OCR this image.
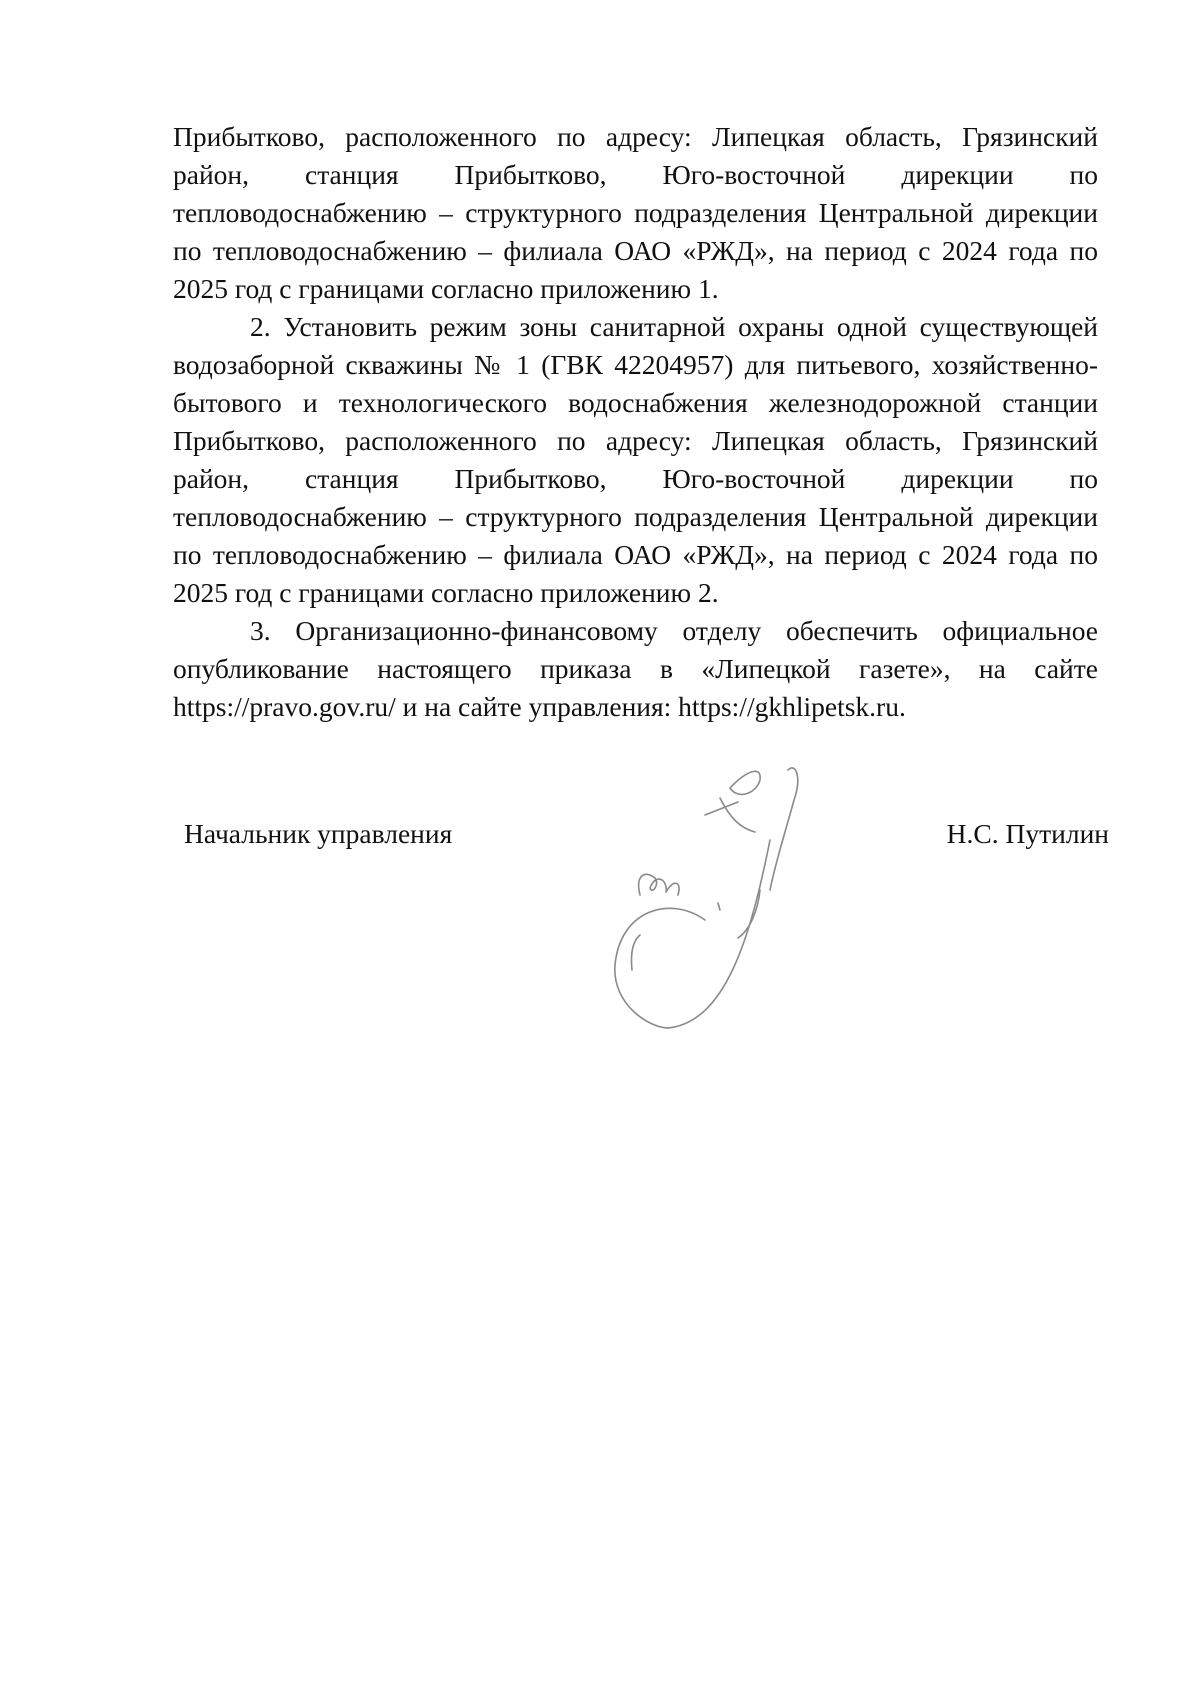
Прибытково, расположенного по адресу: Липецкая область, Грязинский район, станция Прибытково, Юго-восточной дирекции по тепловодоснабжению – структурного подразделения Центральной дирекции по тепловодоснабжению – филиала ОАО «РЖД», на период с 2024 года по 2025 год с границами согласно приложению 1.

2. Установить режим зоны санитарной охраны одной существующей водозаборной скважины № 1 (ГВК 42204957) для питьевого, хозяйственно-бытового и технологического водоснабжения железнодорожной станции Прибытково, расположенного по адресу: Липецкая область, Грязинский район, станция Прибытково, Юго-восточной дирекции по тепловодоснабжению – структурного подразделения Центральной дирекции по тепловодоснабжению – филиала ОАО «РЖД», на период с 2024 года по 2025 год с границами согласно приложению 2.

3. Организационно-финансовому отделу обеспечить официальное опубликование настоящего приказа в «Липецкой газете», на сайте https://pravo.gov.ru/ и на сайте управления: https://gkhlipetsk.ru.

Начальник управления	Н.С. Путилин
